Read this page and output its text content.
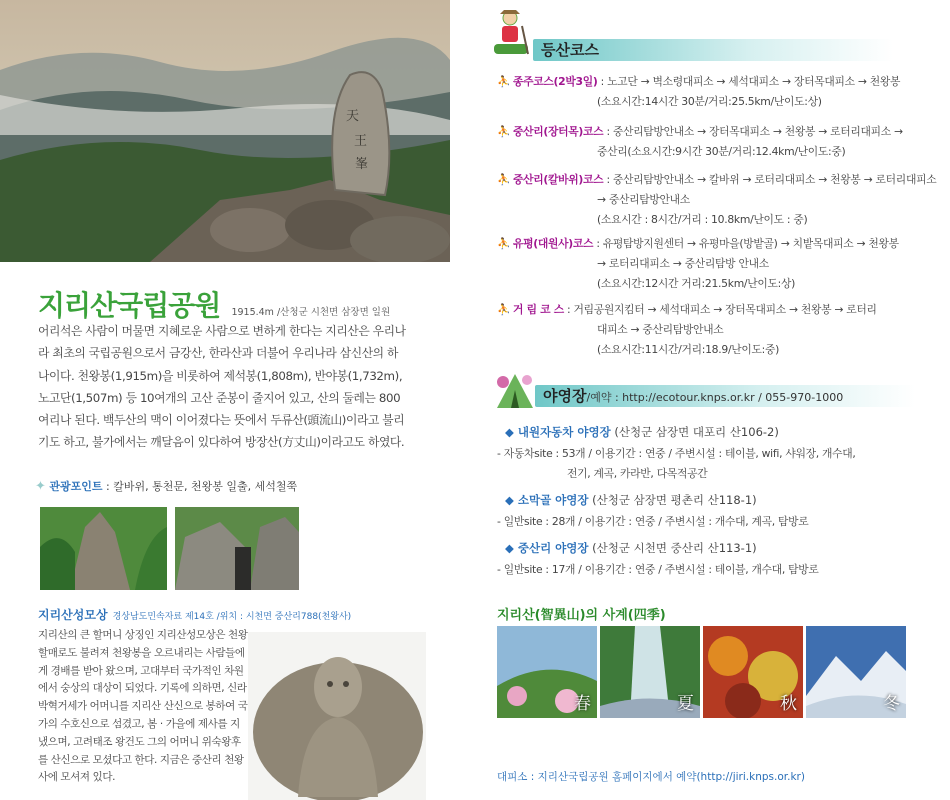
天
王
峯
지리산국립공원 1915.4m /산청군 시천면 삼장면 일원
어리석은 사람이 머물면 지혜로운 사람으로 변하게 한다는 지리산은 우리나라 최초의 국립공원으로서 금강산, 한라산과 더불어 우리나라 삼신산의 하나이다. 천왕봉(1,915m)을 비롯하여 제석봉(1,808m), 반야봉(1,732m), 노고단(1,507m) 등 10여개의 고산 준봉이 줄지어 있고, 산의 둘레는 800여리나 된다. 백두산의 맥이 이어졌다는 뜻에서 두류산(頭流山)이라고 불리기도 하고, 불가에서는 깨달음이 있다하여 방장산(方丈山)이라고도 하였다.
✦ 관광포인트 : 칼바위, 통천문, 천왕봉 일출, 세석철쭉
지리산성모상 경상남도민속자료 제14호 /위치 : 시천면 중산리788(천왕사)
지리산의 큰 할머니 상징인 지리산성모상은 천왕할매로도 불려져 천왕봉을 오르내리는 사람들에게 경배를 받아 왔으며, 고대부터 국가적인 차원에서 숭상의 대상이 되었다. 기록에 의하면, 신라 박혁거세가 어머니를 지리산 산신으로 봉하여 국가의 수호신으로 섬겼고, 봄 · 가을에 제사를 지냈으며, 고려태조 왕건도 그의 어머니 위숙왕후를 산신으로 모셨다고 한다. 지금은 중산리 천왕사에 모셔져 있다.
등산코스
⛹ 종주코스(2박3일) : 노고단 → 벽소령대피소 → 세석대피소 → 장터목대피소 → 천왕봉
(소요시간:14시간 30분/거리:25.5km/난이도:상)
⛹ 중산리(장터목)코스 : 중산리탐방안내소 → 장터목대피소 → 천왕봉 → 로터리대피소 →
중산리(소요시간:9시간 30분/거리:12.4km/난이도:중)
⛹ 중산리(칼바위)코스 : 중산리탐방안내소 → 칼바위 → 로터리대피소 → 천왕봉 → 로터리대피소
→ 중산리탐방안내소
(소요시간 : 8시간/거리 : 10.8km/난이도 : 중)
⛹ 유평(대원사)코스 : 유평탐방지원센터 → 유평마을(방밭골) → 치밭목대피소 → 천왕봉
→ 로터리대피소 → 중산리탐방 안내소
(소요시간:12시간 거리:21.5km/난이도:상)
⛹ 거 림 코 스 : 거림공원지킴터 → 세석대피소 → 장터목대피소 → 천왕봉 → 로터리
대피소 → 중산리탐방안내소
(소요시간:11시간/거리:18.9/난이도:중)
야영장/예약 : http://ecotour.knps.or.kr / 055-970-1000
◆ 내원자동차 야영장 (산청군 삼장면 대포리 산106-2)
- 자동차site : 53개 / 이용기간 : 연중 / 주변시설 : 테이블, wifi, 샤워장, 개수대,
전기, 계곡, 카라반, 다목적공간
◆ 소막골 야영장 (산청군 삼장면 평촌리 산118-1)
- 일반site : 28개 / 이용기간 : 연중 / 주변시설 : 개수대, 계곡, 탐방로
◆ 중산리 야영장 (산청군 시천면 중산리 산113-1)
- 일반site : 17개 / 이용기간 : 연중 / 주변시설 : 테이블, 개수대, 탐방로
지리산(智異山)의 사계(四季)
春	夏	秋	冬
대피소 : 지리산국립공원 홈페이지에서 예약(http://jiri.knps.or.kr)
